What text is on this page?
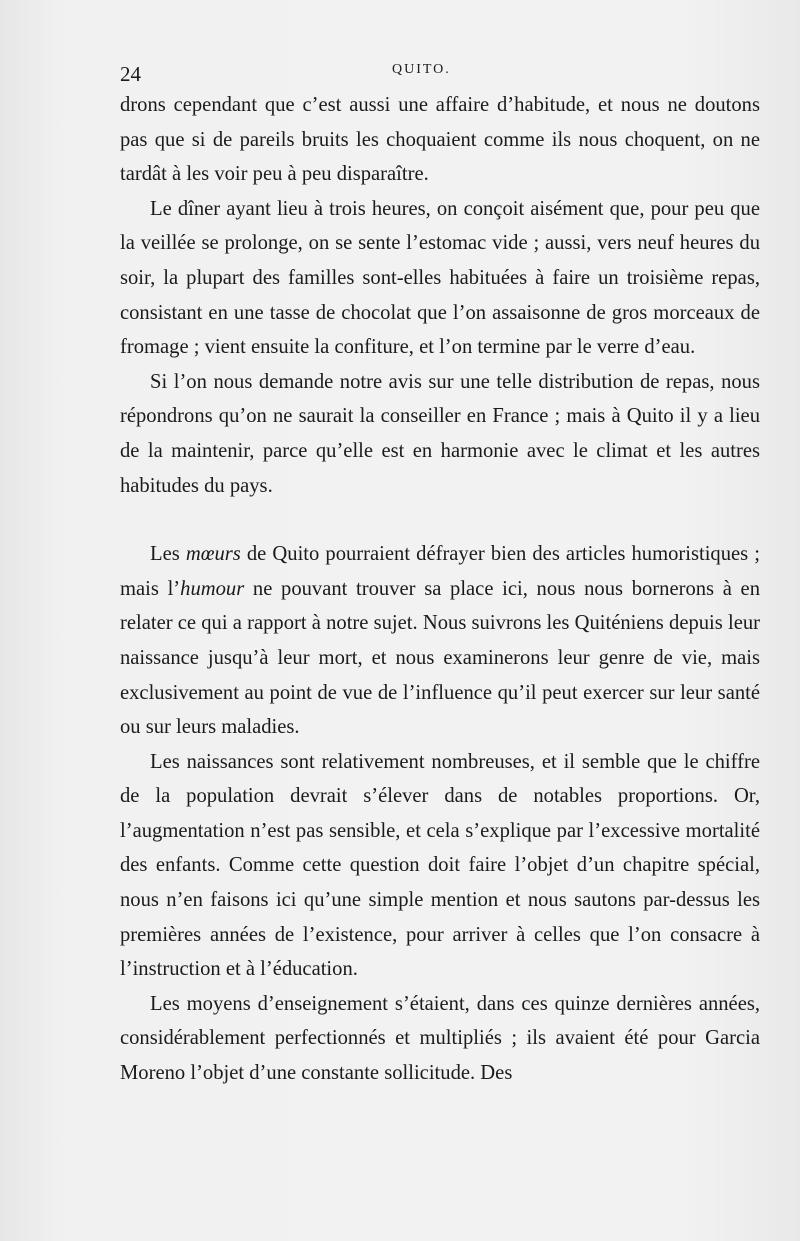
24	QUITO.

drons cependant que c’est aussi une affaire d’habitude, et nous ne doutons pas que si de pareils bruits les choquaient comme ils nous choquent, on ne tardât à les voir peu à peu disparaître.

Le dîner ayant lieu à trois heures, on conçoit aisément que, pour peu que la veillée se prolonge, on se sente l’estomac vide ; aussi, vers neuf heures du soir, la plupart des familles sont-elles habituées à faire un troisième repas, consistant en une tasse de chocolat que l’on assaisonne de gros morceaux de fromage ; vient ensuite la confiture, et l’on termine par le verre d’eau.

Si l’on nous demande notre avis sur une telle distribution de repas, nous répondrons qu’on ne saurait la conseiller en France ; mais à Quito il y a lieu de la maintenir, parce qu’elle est en harmonie avec le climat et les autres habitudes du pays.

Les mœurs de Quito pourraient défrayer bien des articles humoristiques ; mais l’humour ne pouvant trouver sa place ici, nous nous bornerons à en relater ce qui a rapport à notre sujet. Nous suivrons les Quiténiens depuis leur naissance jusqu’à leur mort, et nous examinerons leur genre de vie, mais exclusivement au point de vue de l’influence qu’il peut exercer sur leur santé ou sur leurs maladies.

Les naissances sont relativement nombreuses, et il semble que le chiffre de la population devrait s’élever dans de notables proportions. Or, l’augmentation n’est pas sensible, et cela s’explique par l’excessive mortalité des enfants. Comme cette question doit faire l’objet d’un chapitre spécial, nous n’en faisons ici qu’une simple mention et nous sautons par-dessus les premières années de l’existence, pour arriver à celles que l’on consacre à l’instruction et à l’éducation.

Les moyens d’enseignement s’étaient, dans ces quinze dernières années, considérablement perfectionnés et multipliés ; ils avaient été pour Garcia Moreno l’objet d’une constante sollicitude. Des
